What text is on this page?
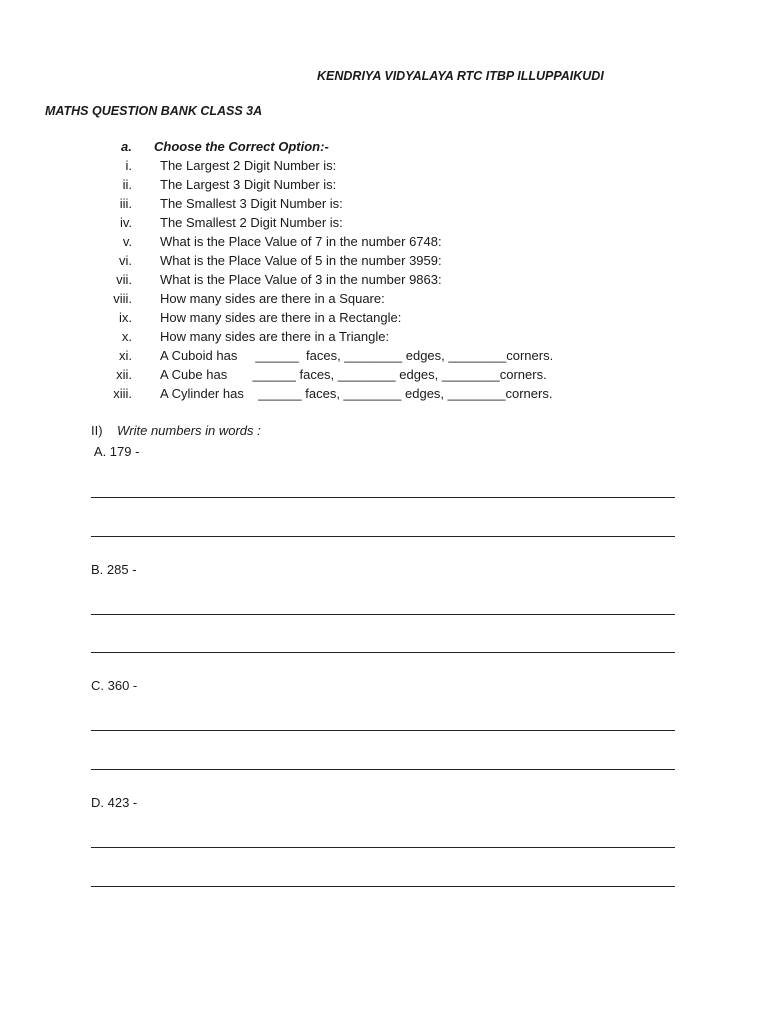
KENDRIYA VIDYALAYA RTC ITBP ILLUPPAIKUDI
MATHS QUESTION BANK CLASS 3A
a. Choose the Correct Option:-
i. The Largest 2 Digit Number is:
ii. The Largest 3 Digit Number is:
iii. The Smallest 3 Digit Number is:
iv. The Smallest 2 Digit Number is:
v. What is the Place Value of 7 in the number 6748:
vi. What is the Place Value of 5 in the number 3959:
vii. What is the Place Value of 3 in the number 9863:
viii. How many sides are there in a Square:
ix. How many sides are there in a Rectangle:
x. How many sides are there in a Triangle:
xi. A Cuboid has     ______  faces, ________ edges, ________corners.
xii. A Cube has       ______ faces, ________ edges, ________corners.
xiii. A Cylinder has    ______ faces, ________ edges, ________corners.
II) Write numbers in words :
A. 179 -
B. 285 -
C. 360 -
D. 423 -
